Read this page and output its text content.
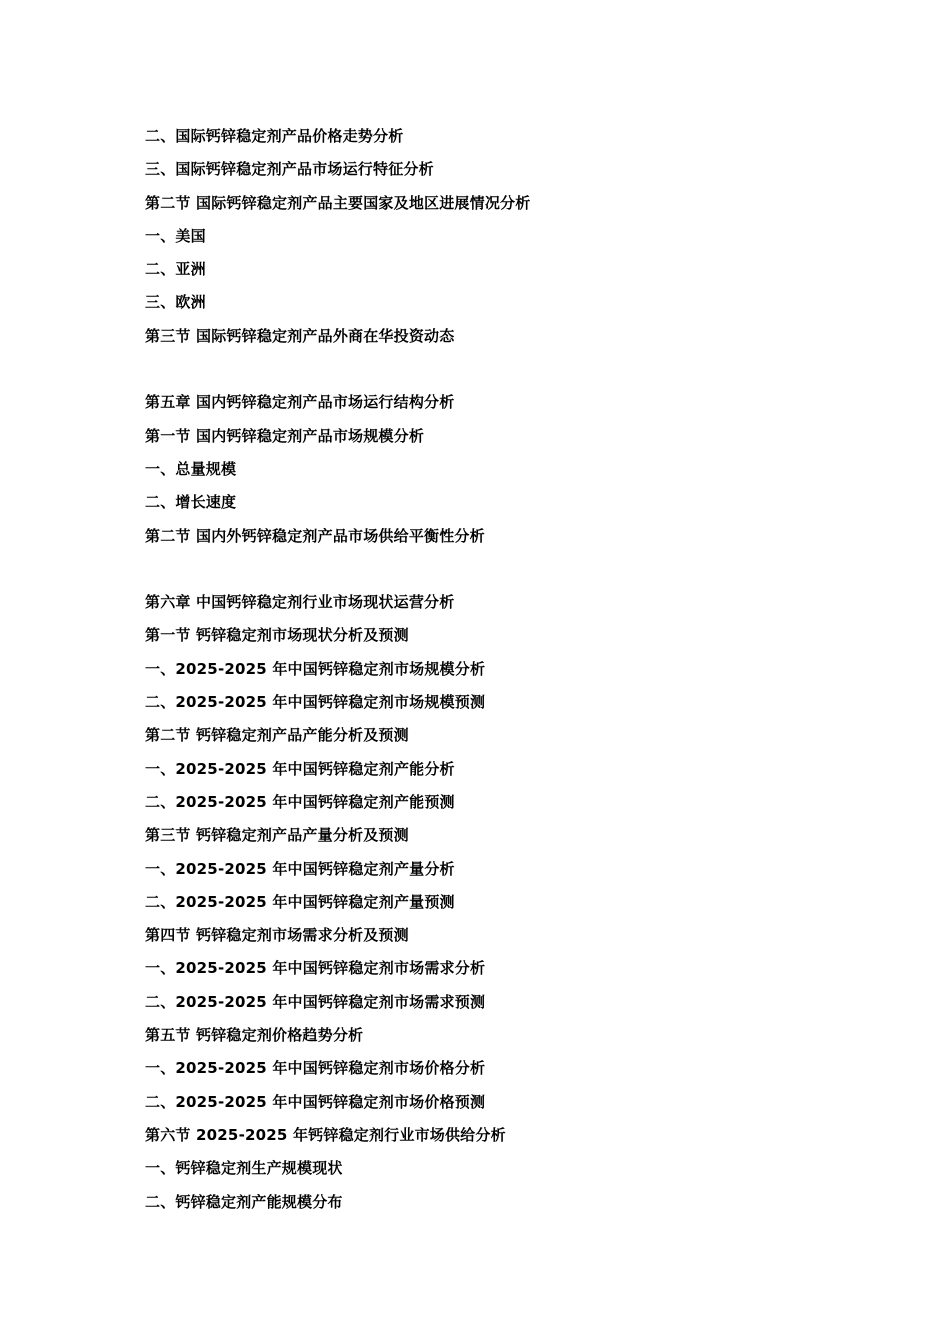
二、国际钙锌稳定剂产品价格走势分析
三、国际钙锌稳定剂产品市场运行特征分析
第二节 国际钙锌稳定剂产品主要国家及地区进展情况分析
一、美国
二、亚洲
三、欧洲
第三节 国际钙锌稳定剂产品外商在华投资动态
第五章 国内钙锌稳定剂产品市场运行结构分析
第一节 国内钙锌稳定剂产品市场规模分析
一、总量规模
二、增长速度
第二节 国内外钙锌稳定剂产品市场供给平衡性分析
第六章 中国钙锌稳定剂行业市场现状运营分析
第一节 钙锌稳定剂市场现状分析及预测
一、2025-2025 年中国钙锌稳定剂市场规模分析
二、2025-2025 年中国钙锌稳定剂市场规模预测
第二节 钙锌稳定剂产品产能分析及预测
一、2025-2025 年中国钙锌稳定剂产能分析
二、2025-2025 年中国钙锌稳定剂产能预测
第三节 钙锌稳定剂产品产量分析及预测
一、2025-2025 年中国钙锌稳定剂产量分析
二、2025-2025 年中国钙锌稳定剂产量预测
第四节 钙锌稳定剂市场需求分析及预测
一、2025-2025 年中国钙锌稳定剂市场需求分析
二、2025-2025 年中国钙锌稳定剂市场需求预测
第五节 钙锌稳定剂价格趋势分析
一、2025-2025 年中国钙锌稳定剂市场价格分析
二、2025-2025 年中国钙锌稳定剂市场价格预测
第六节 2025-2025 年钙锌稳定剂行业市场供给分析
一、钙锌稳定剂生产规模现状
二、钙锌稳定剂产能规模分布
